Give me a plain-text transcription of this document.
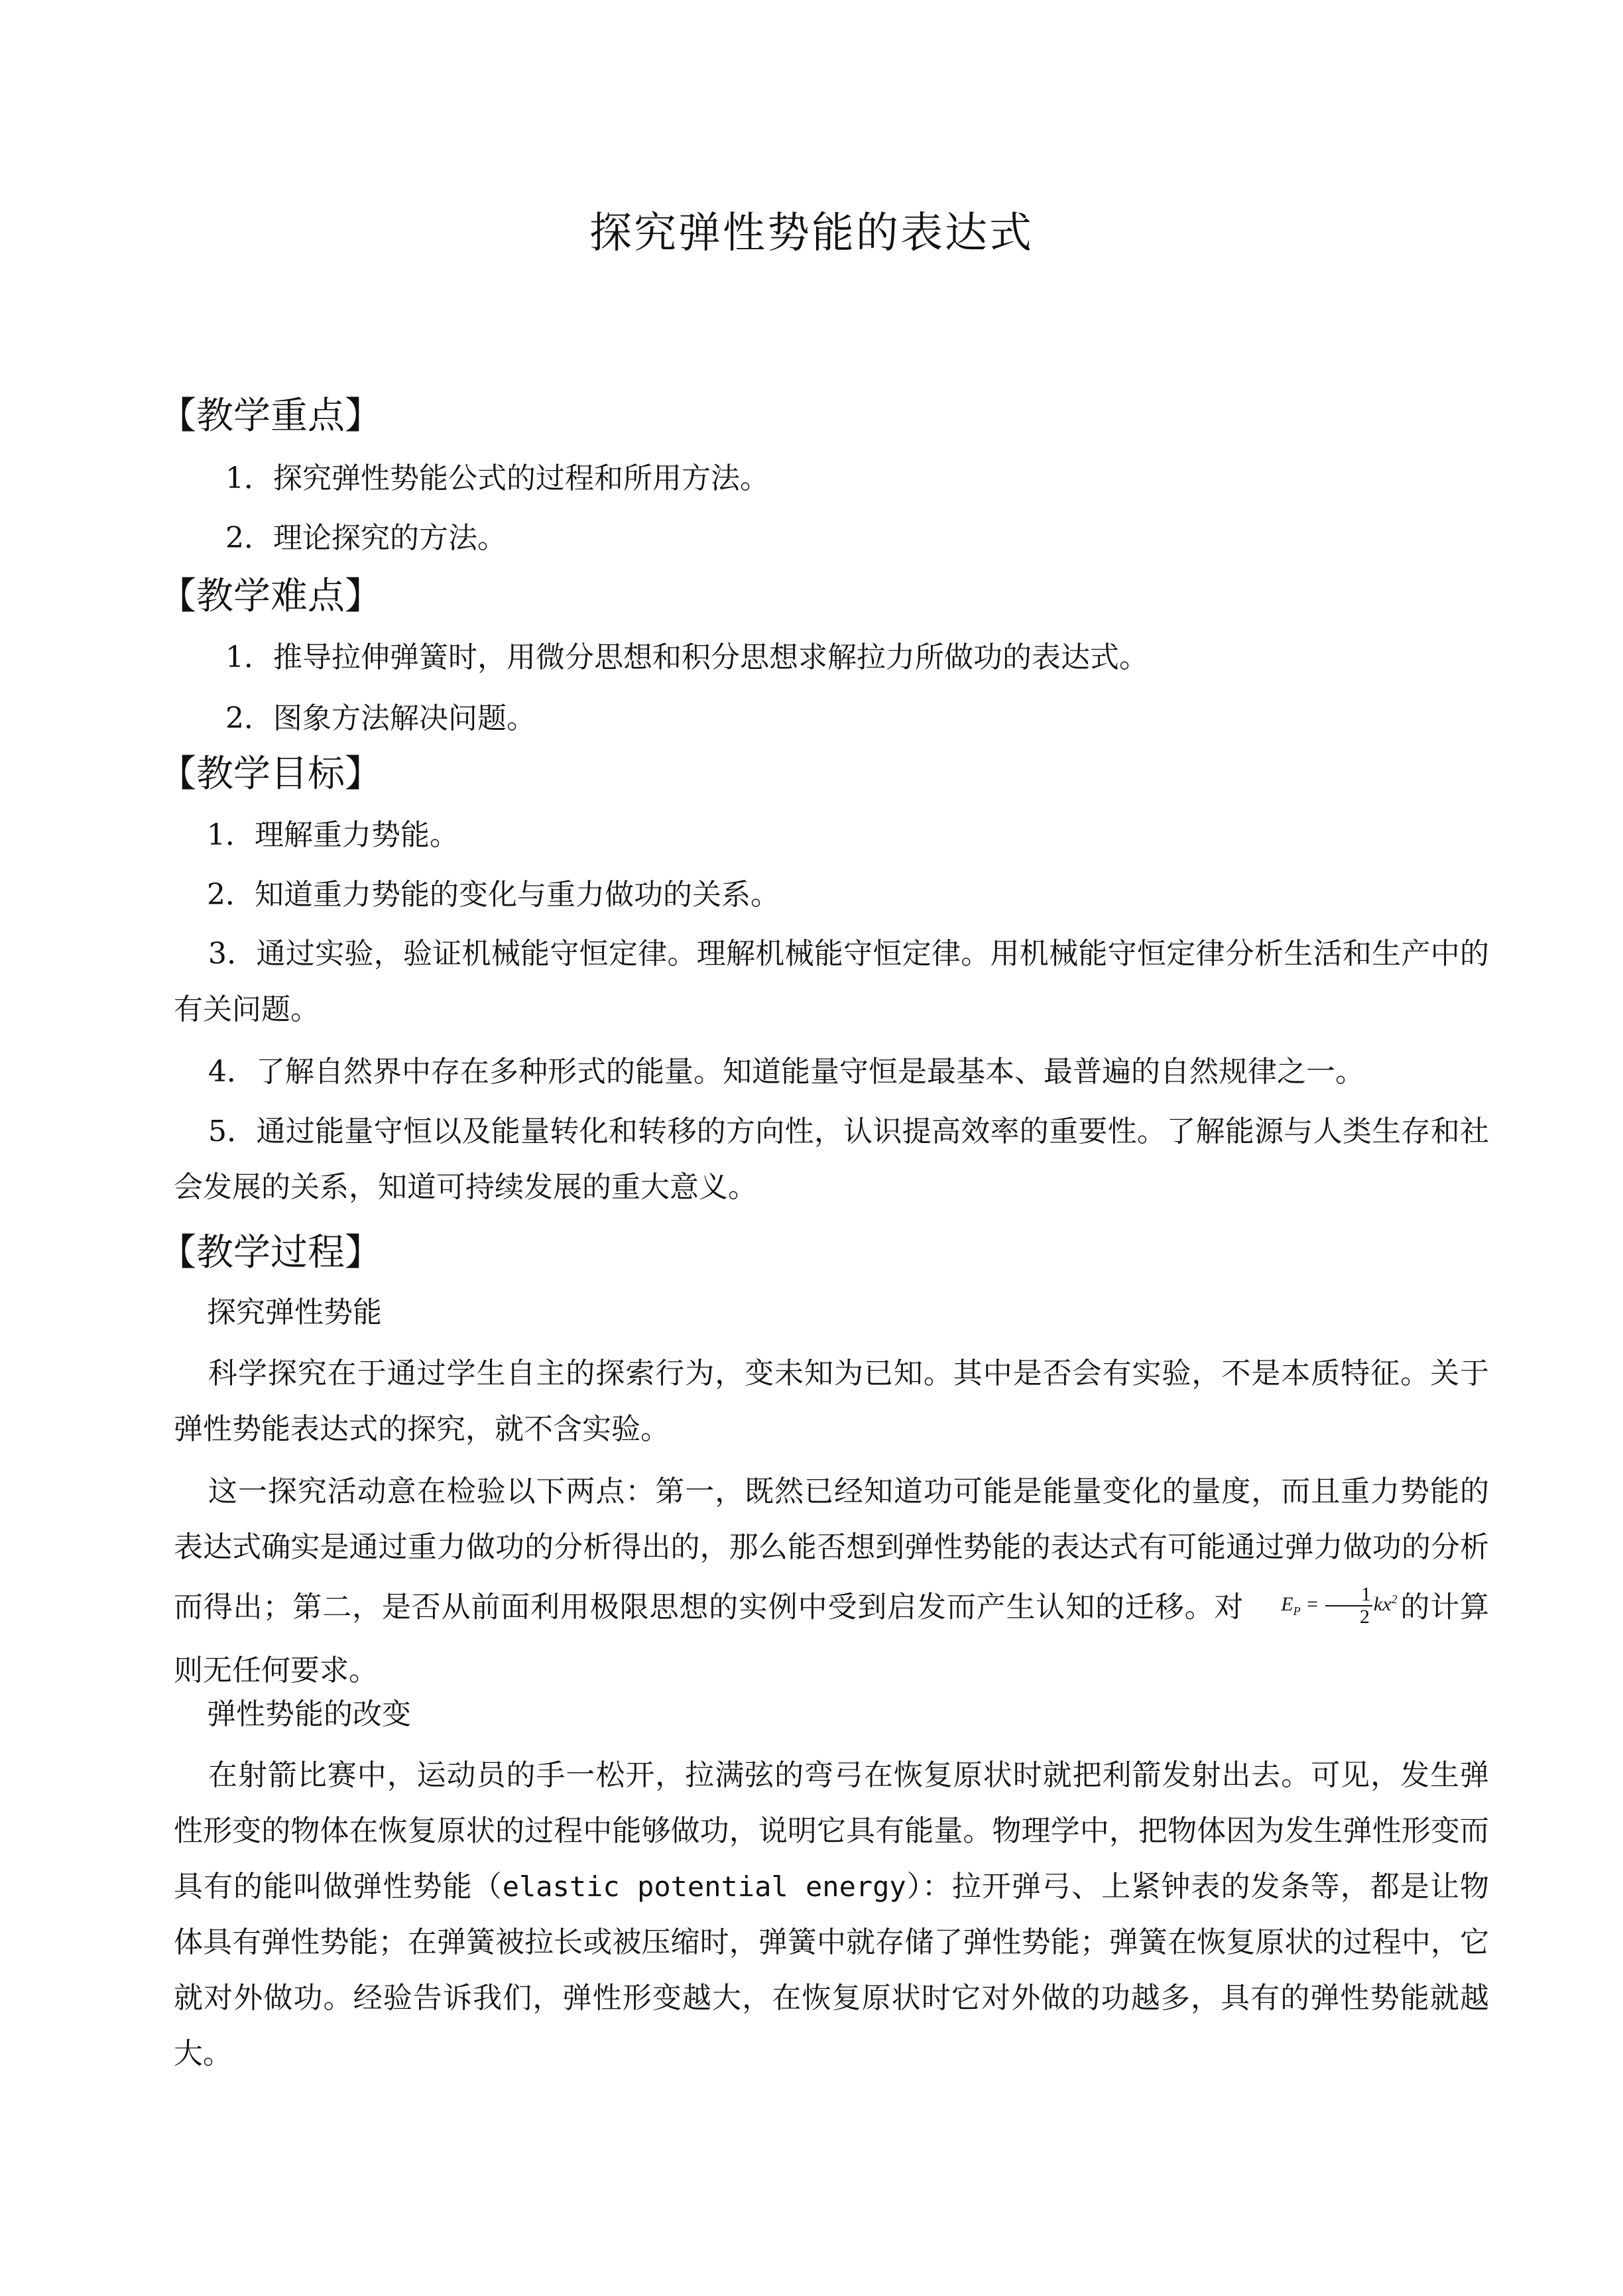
探究弹性势能的表达式
【教学重点】
1．探究弹性势能公式的过程和所用方法。
2．理论探究的方法。
【教学难点】
1．推导拉伸弹簧时，用微分思想和积分思想求解拉力所做功的表达式。
2．图象方法解决问题。
【教学目标】
1．理解重力势能。
2．知道重力势能的变化与重力做功的关系。
3．通过实验，验证机械能守恒定律。理解机械能守恒定律。用机械能守恒定律分析生活和生产中的有关问题。
4．了解自然界中存在多种形式的能量。知道能量守恒是最基本、最普遍的自然规律之一。
5．通过能量守恒以及能量转化和转移的方向性，认识提高效率的重要性。了解能源与人类生存和社会发展的关系，知道可持续发展的重大意义。
【教学过程】
探究弹性势能
科学探究在于通过学生自主的探索行为，变未知为已知。其中是否会有实验，不是本质特征。关于弹性势能表达式的探究，就不含实验。
这一探究活动意在检验以下两点：第一，既然已经知道功可能是能量变化的量度，而且重力势能的表达式确实是通过重力做功的分析得出的，那么能否想到弹性势能的表达式有可能通过弹力做功的分析而得出；第二，是否从前面利用极限思想的实例中受到启发而产生认知的迁移。对 $E_P = \frac{1}{2} kx^2$的计算则无任何要求。
弹性势能的改变
在射箭比赛中，运动员的手一松开，拉满弦的弯弓在恢复原状时就把利箭发射出去。可见，发生弹性形变的物体在恢复原状的过程中能够做功，说明它具有能量。物理学中，把物体因为发生弹性形变而具有的能叫做弹性势能（elastic potential energy）：拉开弹弓、上紧钟表的发条等，都是让物体具有弹性势能；在弹簧被拉长或被压缩时，弹簧中就存储了弹性势能；弹簧在恢复原状的过程中，它就对外做功。经验告诉我们，弹性形变越大，在恢复原状时它对外做的功越多，具有的弹性势能就越大。
